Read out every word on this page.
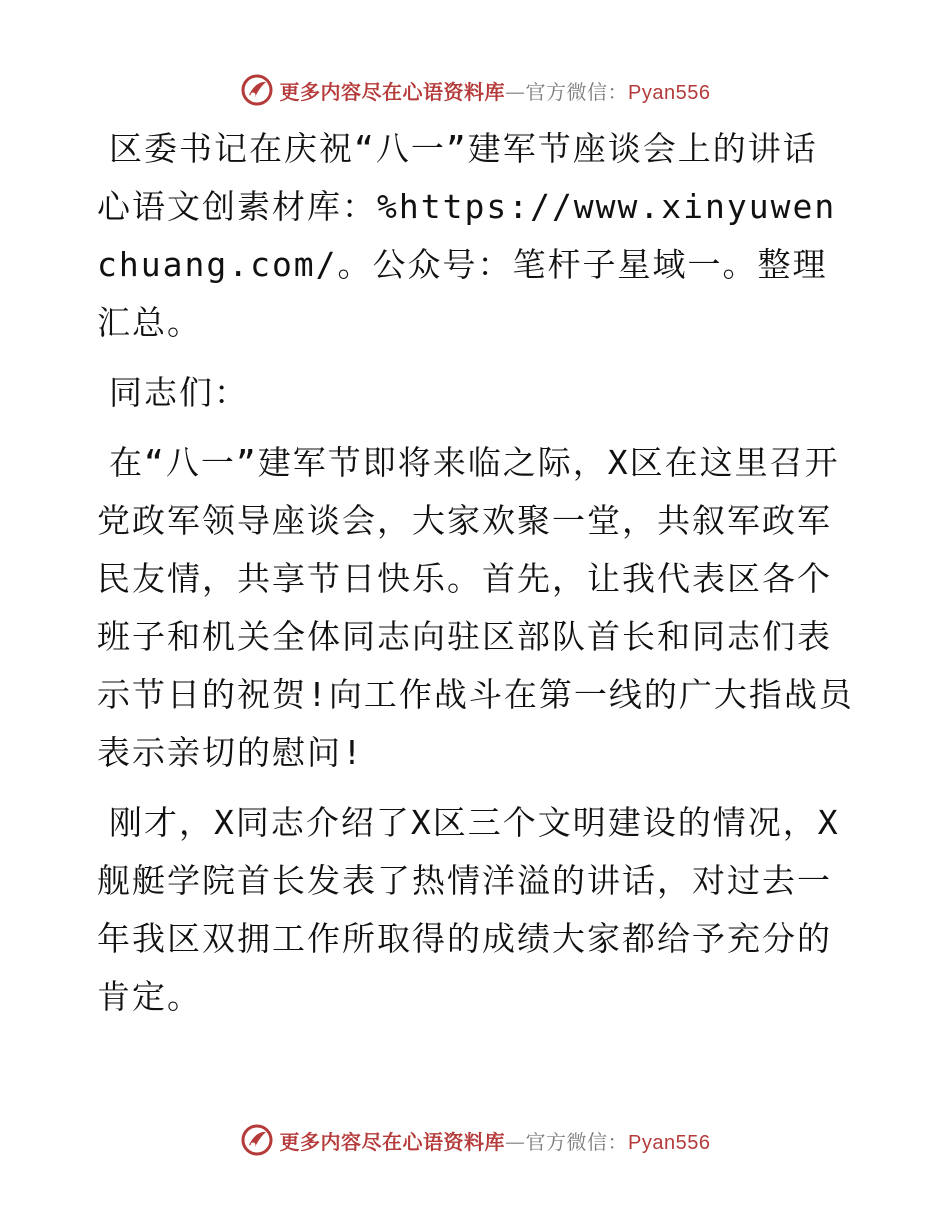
更多内容尽在心语资料库—官方微信：Pyan556

区委书记在庆祝“八一”建军节座谈会上的讲话

心语文创素材库：%https://www.xinyuwenchuang.com/。公众号：笔杆子星域一。整理汇总。

同志们：

在“八一”建军节即将来临之际，X区在这里召开党政军领导座谈会，大家欢聚一堂，共叙军政军民友情，共享节日快乐。首先，让我代表区各个班子和机关全体同志向驻区部队首长和同志们表示节日的祝贺!向工作战斗在第一线的广大指战员表示亲切的慰问!

刚才，X同志介绍了X区三个文明建设的情况，X舰艇学院首长发表了热情洋溢的讲话，对过去一年我区双拥工作所取得的成绩大家都给予充分的肯定。

更多内容尽在心语资料库—官方微信：Pyan556
